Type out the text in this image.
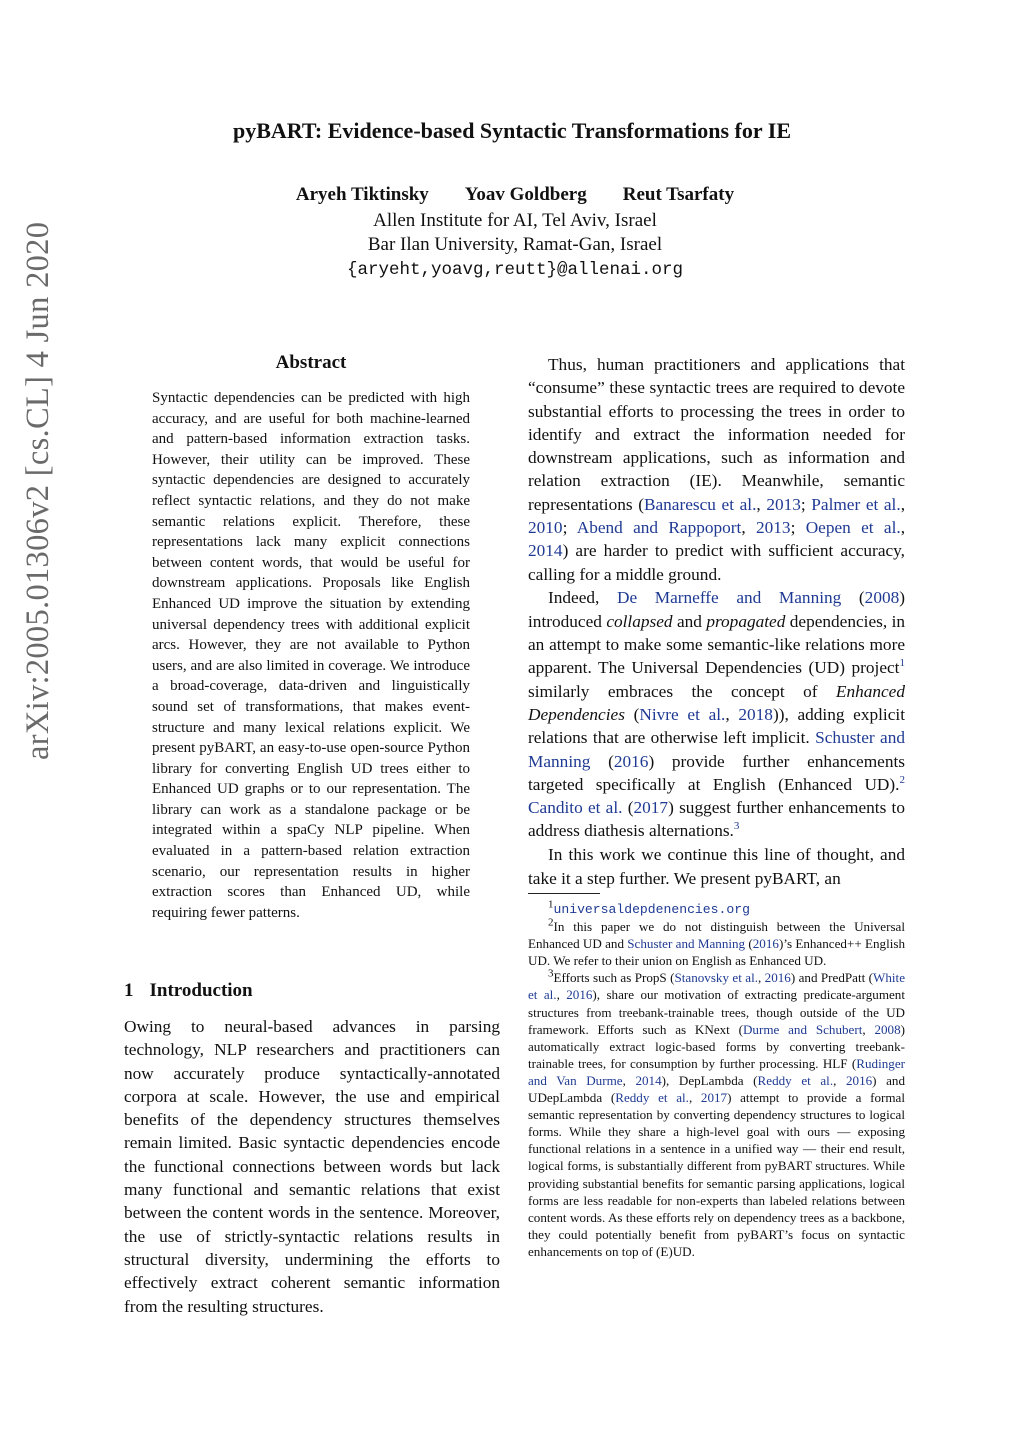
arXiv:2005.01306v2 [cs.CL] 4 Jun 2020
pyBART: Evidence-based Syntactic Transformations for IE
Aryeh Tiktinsky Yoav Goldberg Reut Tsarfaty
Allen Institute for AI, Tel Aviv, Israel
Bar Ilan University, Ramat-Gan, Israel
{aryeht,yoavg,reutt}@allenai.org
Abstract
Syntactic dependencies can be predicted with high accuracy, and are useful for both machine-learned and pattern-based information extraction tasks. However, their utility can be improved. These syntactic dependencies are designed to accurately reflect syntactic relations, and they do not make semantic relations explicit. Therefore, these representations lack many explicit connections between content words, that would be useful for downstream applications. Proposals like English Enhanced UD improve the situation by extending universal dependency trees with additional explicit arcs. However, they are not available to Python users, and are also limited in coverage. We introduce a broad-coverage, data-driven and linguistically sound set of transformations, that makes event-structure and many lexical relations explicit. We present pyBART, an easy-to-use open-source Python library for converting English UD trees either to Enhanced UD graphs or to our representation. The library can work as a standalone package or be integrated within a spaCy NLP pipeline. When evaluated in a pattern-based relation extraction scenario, our representation results in higher extraction scores than Enhanced UD, while requiring fewer patterns.
1 Introduction
Owing to neural-based advances in parsing technology, NLP researchers and practitioners can now accurately produce syntactically-annotated corpora at scale. However, the use and empirical benefits of the dependency structures themselves remain limited. Basic syntactic dependencies encode the functional connections between words but lack many functional and semantic relations that exist between the content words in the sentence. Moreover, the use of strictly-syntactic relations results in structural diversity, undermining the efforts to effectively extract coherent semantic information from the resulting structures.

Thus, human practitioners and applications that “consume” these syntactic trees are required to devote substantial efforts to processing the trees in order to identify and extract the information needed for downstream applications, such as information and relation extraction (IE). Meanwhile, semantic representations (Banarescu et al., 2013; Palmer et al., 2010; Abend and Rappoport, 2013; Oepen et al., 2014) are harder to predict with sufficient accuracy, calling for a middle ground.

Indeed, De Marneffe and Manning (2008) introduced collapsed and propagated dependencies, in an attempt to make some semantic-like relations more apparent. The Universal Dependencies (UD) project$^1$ similarly embraces the concept of Enhanced Dependencies (Nivre et al., 2018)), adding explicit relations that are otherwise left implicit. Schuster and Manning (2016) provide further enhancements targeted specifically at English (Enhanced UD).$^2$ Candito et al. (2017) suggest further enhancements to address diathesis alternations.$^3$

In this work we continue this line of thought, and take it a step further. We present pyBART, an

$^1$universaldepdenencies.org

$^2$In this paper we do not distinguish between the Universal Enhanced UD and Schuster and Manning (2016)’s Enhanced++ English UD. We refer to their union on English as Enhanced UD.

$^3$Efforts such as PropS (Stanovsky et al., 2016) and PredPatt (White et al., 2016), share our motivation of extracting predicate-argument structures from treebank-trainable trees, though outside of the UD framework. Efforts such as KNext (Durme and Schubert, 2008) automatically extract logic-based forms by converting treebank-trainable trees, for consumption by further processing. HLF (Rudinger and Van Durme, 2014), DepLambda (Reddy et al., 2016) and UDepLambda (Reddy et al., 2017) attempt to provide a formal semantic representation by converting dependency structures to logical forms. While they share a high-level goal with ours — exposing functional relations in a sentence in a unified way — their end result, logical forms, is substantially different from pyBART structures. While providing substantial benefits for semantic parsing applications, logical forms are less readable for non-experts than labeled relations between content words. As these efforts rely on dependency trees as a backbone, they could potentially benefit from pyBART’s focus on syntactic enhancements on top of (E)UD.
